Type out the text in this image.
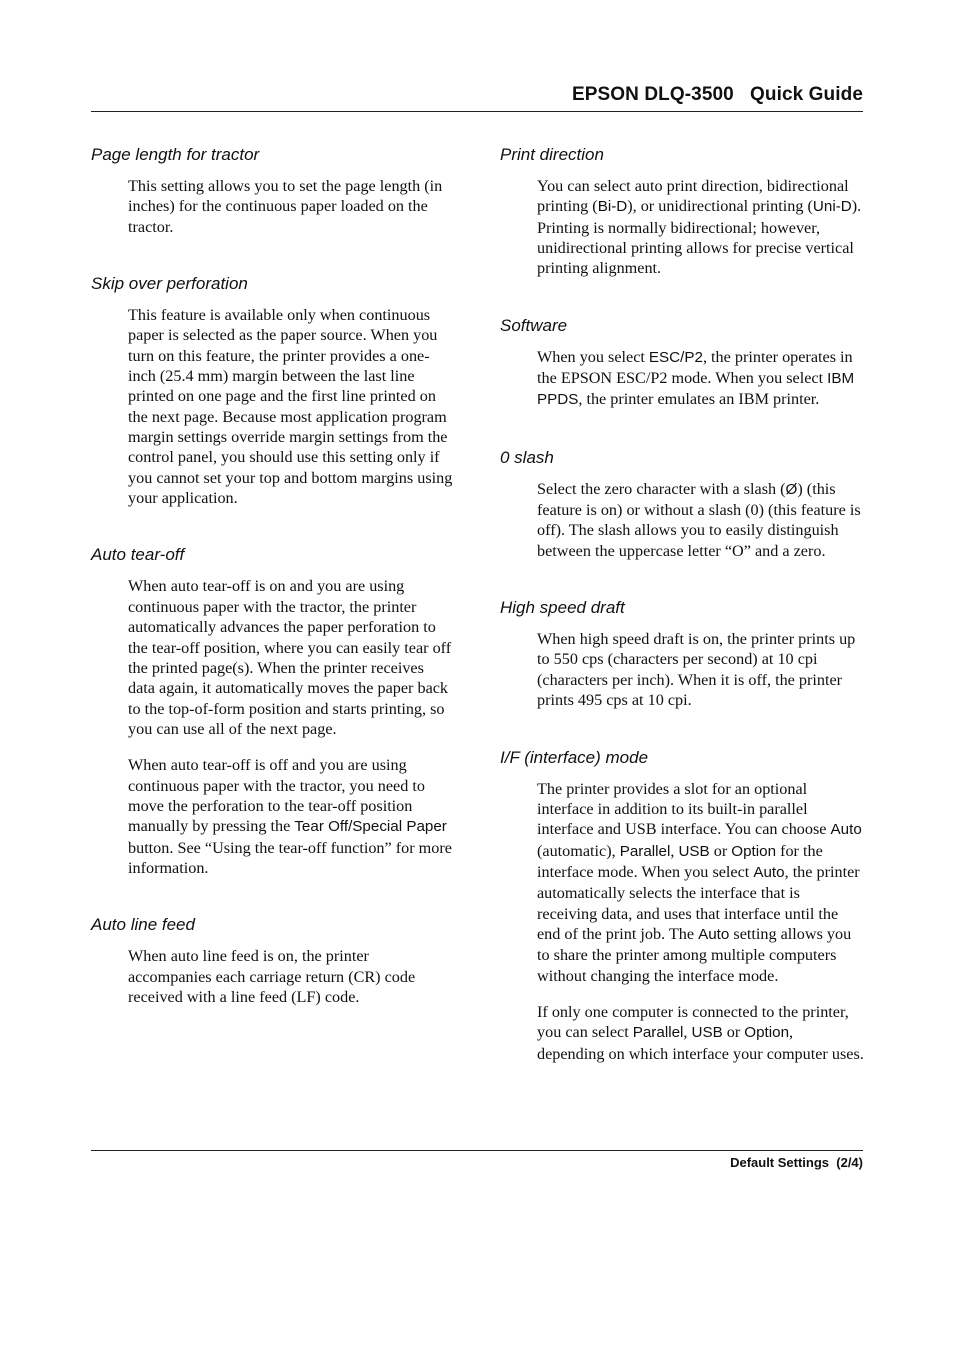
EPSON DLQ-3500   Quick Guide
Page length for tractor
This setting allows you to set the page length (in inches) for the continuous paper loaded on the tractor.
Skip over perforation
This feature is available only when continuous paper is selected as the paper source. When you turn on this feature, the printer provides a one-inch (25.4 mm) margin between the last line printed on one page and the first line printed on the next page. Because most application program margin settings override margin settings from the control panel, you should use this setting only if you cannot set your top and bottom margins using your application.
Auto tear-off
When auto tear-off is on and you are using continuous paper with the tractor, the printer automatically advances the paper perforation to the tear-off position, where you can easily tear off the printed page(s). When the printer receives data again, it automatically moves the paper back to the top-of-form position and starts printing, so you can use all of the next page.
When auto tear-off is off and you are using continuous paper with the tractor, you need to move the perforation to the tear-off position manually by pressing the Tear Off/Special Paper button. See “Using the tear-off function” for more information.
Auto line feed
When auto line feed is on, the printer accompanies each carriage return (CR) code received with a line feed (LF) code.
Print direction
You can select auto print direction, bidirectional printing (Bi-D), or unidirectional printing (Uni-D). Printing is normally bidirectional; however, unidirectional printing allows for precise vertical printing alignment.
Software
When you select ESC/P2, the printer operates in the EPSON ESC/P2 mode. When you select IBM PPDS, the printer emulates an IBM printer.
0 slash
Select the zero character with a slash (Ø) (this feature is on) or without a slash (0) (this feature is off). The slash allows you to easily distinguish between the uppercase letter “O” and a zero.
High speed draft
When high speed draft is on, the printer prints up to 550 cps (characters per second) at 10 cpi (characters per inch). When it is off, the printer prints 495 cps at 10 cpi.
I/F (interface) mode
The printer provides a slot for an optional interface in addition to its built-in parallel interface and USB interface. You can choose Auto (automatic), Parallel, USB or Option for the interface mode. When you select Auto, the printer automatically selects the interface that is receiving data, and uses that interface until the end of the print job. The Auto setting allows you to share the printer among multiple computers without changing the interface mode.
If only one computer is connected to the printer, you can select Parallel, USB or Option, depending on which interface your computer uses.
Default Settings  (2/4)
